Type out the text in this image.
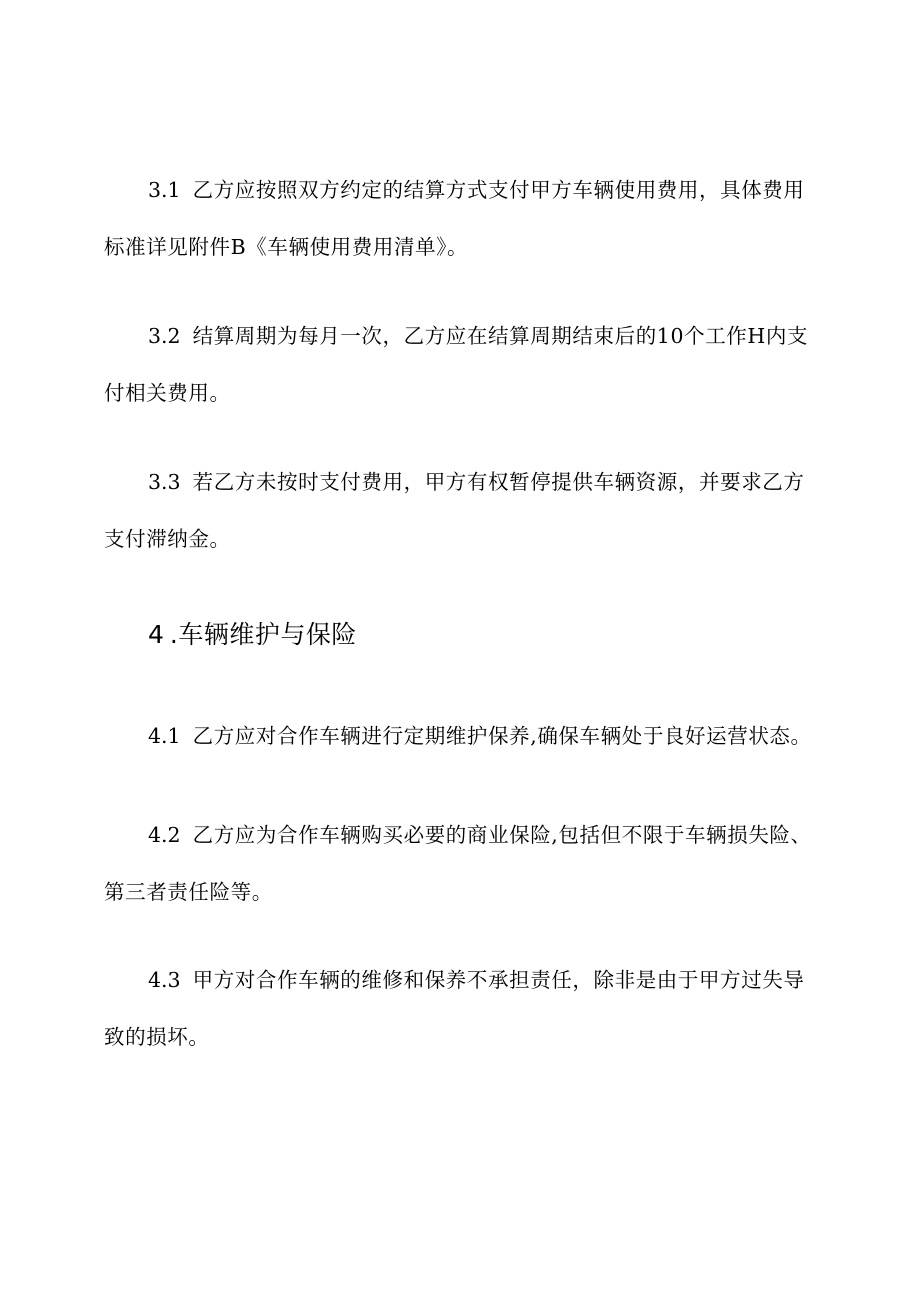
3.1 乙方应按照双方约定的结算方式支付甲方车辆使用费用，具体费用标准详见附件B《车辆使用费用清单》。

3.2 结算周期为每月一次，乙方应在结算周期结束后的10个工作H内支付相关费用。

3.3 若乙方未按时支付费用，甲方有权暂停提供车辆资源，并要求乙方支付滞纳金。

4 .车辆维护与保险

4.1 乙方应对合作车辆进行定期维护保养,确保车辆处于良好运营状态。

4.2 乙方应为合作车辆购买必要的商业保险,包括但不限于车辆损失险、第三者责任险等。

4.3 甲方对合作车辆的维修和保养不承担责任，除非是由于甲方过失导致的损坏。
